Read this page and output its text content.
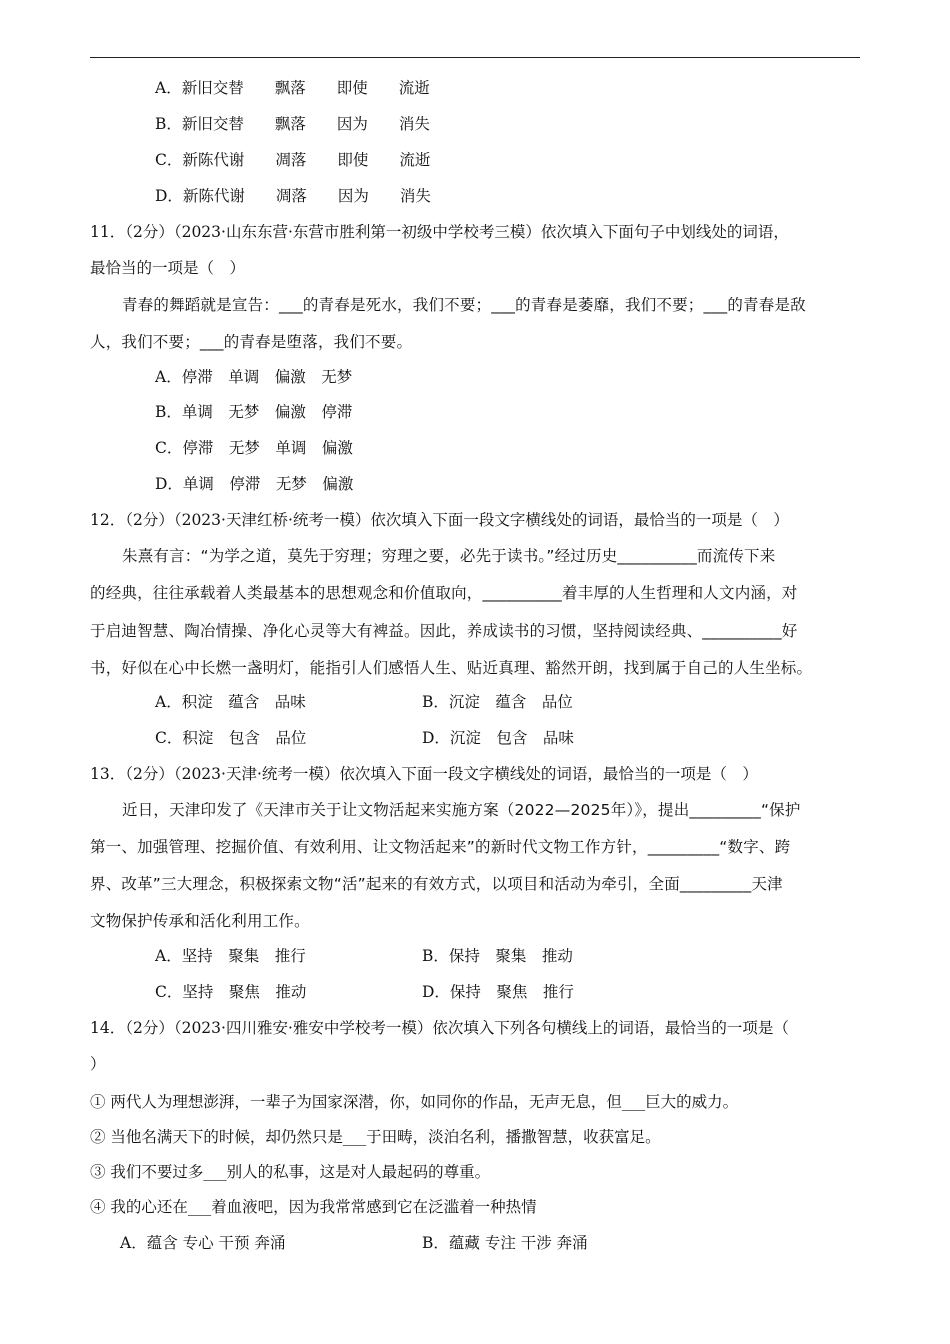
A．新旧交替　　飘落　　即使　　流逝
B．新旧交替　　飘落　　因为　　消失
C．新陈代谢　　凋落　　即使　　流逝
D．新陈代谢　　凋落　　因为　　消失
11．（2分）（2023·山东东营·东营市胜利第一初级中学校考三模）依次填入下面句子中划线处的词语，
最恰当的一项是（　）
青春的舞蹈就是宣告：___的青春是死水，我们不要；___的青春是萎靡，我们不要；___的青春是敌
人，我们不要；___的青春是堕落，我们不要。
A．停滞　单调　偏激　无梦
B．单调　无梦　偏激　停滞
C．停滞　无梦　单调　偏激
D．单调　停滞　无梦　偏激
12．（2分）（2023·天津红桥·统考一模）依次填入下面一段文字横线处的词语，最恰当的一项是（　）
朱熹有言：“为学之道，莫先于穷理；穷理之要，必先于读书。”经过历史__________而流传下来
的经典，往往承载着人类最基本的思想观念和价值取向，__________着丰厚的人生哲理和人文内涵，对
于启迪智慧、陶冶情操、净化心灵等大有裨益。因此，养成读书的习惯，坚持阅读经典、__________好
书，好似在心中长燃一盏明灯，能指引人们感悟人生、贴近真理、豁然开朗，找到属于自己的人生坐标。
A．积淀　蕴含　品味	B．沉淀　蕴含　品位
C．积淀　包含　品位	D．沉淀　包含　品味
13．（2分）（2023·天津·统考一模）依次填入下面一段文字横线处的词语，最恰当的一项是（　）
近日，天津印发了《天津市关于让文物活起来实施方案（2022—2025年）》，提出_________“保护
第一、加强管理、挖掘价值、有效利用、让文物活起来”的新时代文物工作方针，_________“数字、跨
界、改革”三大理念，积极探索文物“活”起来的有效方式，以项目和活动为牵引，全面_________天津
文物保护传承和活化利用工作。
A．坚持　聚集　推行	B．保持　聚集　推动
C．坚持　聚焦　推动	D．保持　聚焦　推行
14．（2分）（2023·四川雅安·雅安中学校考一模）依次填入下列各句横线上的词语，最恰当的一项是（
）
① 两代人为理想澎湃，一辈子为国家深潜，你，如同你的作品，无声无息，但___巨大的威力。
② 当他名满天下的时候，却仍然只是___于田畴，淡泊名利，播撒智慧，收获富足。
③ 我们不要过多___别人的私事，这是对人最起码的尊重。
④ 我的心还在___着血液吧，因为我常常感到它在泛滥着一种热情
A．蕴含 专心 干预 奔涌	B．蕴藏 专注 干涉 奔涌
